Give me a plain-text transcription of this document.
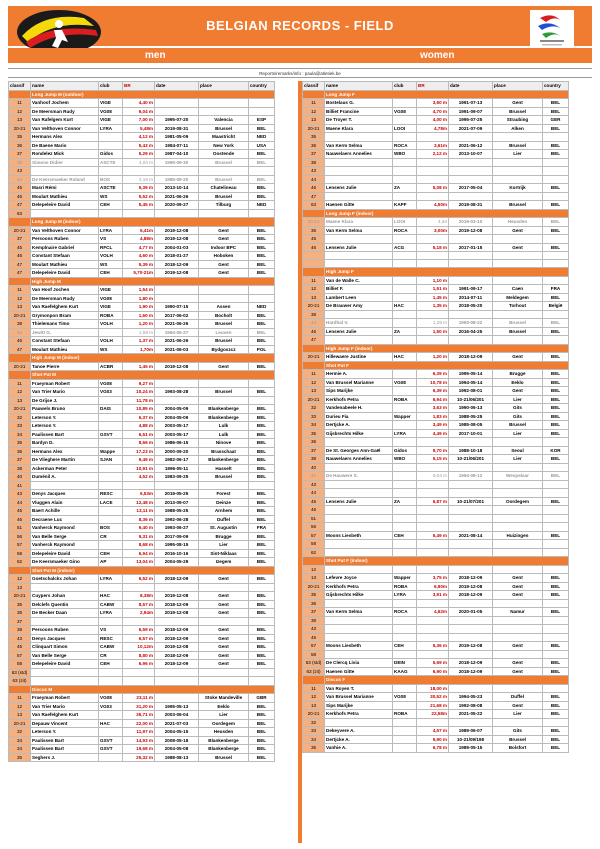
BELGIAN RECORDS - FIELD
men	women
Reports/remarks/info : paula@atletiek.be
classif	name	club	BR	date	place	country
	Long Jump M (outdoor)					
11	Vanhoof Jochem	VIGE	4,40 m			
12	De Meersman Rudy	VG08	6,04 m			
13	Van Rafelgem Kurt	VIGE	7,00 m	1995-07-20	Valencia	ESP
20-21	Van Velthoven Connor	LYRA	5,48m	2019-08-31	Brussel	BEL
35	Hermans Alex		4,12 m	1981-05-09	Maastricht	NED
36	De Baene Mario		5,43 m	1984-07-11	New York	USA
37	Rondelez Mick	Gidos	5,29 m	1987-04-10	Oostende	BEL
38	Simons Didier	ASCTE	4,04 m	1995-09-30	Brussel	BEL
43						
44	De Keersmaeker Roland	BOS	2,16 m	1985-09-20	Brussel	BEL
45	Masri Rémi	ASCTE	5,39 m	2013-10-14	Chatelineau	BEL
46	Moulart Mathieu	WS	5,52 m	2021-06-26	Brussel	BEL
47	Delepeleire David	CEH	5,45 m	2020-09-27	Tilburg	NED
63						
	Long Jump M (indoor)					
20-21	Van Velthoven Connor	LYRA	5,41m	2019-12-08	Gent	BEL
37	Persoons Ruben	VS	4,88m	2019-12-08	Gent	BEL
45	Kemplnaire Gabriel	RFCL	4,77 m	2004-01-03	Indoor BPC	BEL
46	Constant Stefaan	VOLH	4,60 m	2018-01-27	Hoboken	BEL
47	Moulart Mathieu	WS	5,39 m	2018-12-09	Gent	BEL
47	Delepeleire David	CEH	5,70-21m	2019-12-08	Gent	BEL
	High Jump M					
11	Van Hoof Jochen	VIGE	1,54 m			
12	De Meersman Rudy	VG08	1,80 m			
13	Van Raefelghem Kurt	VIGE	1,90 m	1990-07-15	Assen	NED
20-21	Grymonpon Bram	ROBA	1,60 m	2017-06-02	Bocholt	BEL
38	Thielemans Timo	VOLH	1,20 m	2021-06-26	Brussel	BEL
44	Jewitt G.		1,58 m	1984-06-27	Leuven	BEL
46	Constant Stefaan	VOLH	1,37 m	2021-06-26	Brussel	BEL
47	Moulart Mathieu	WS	1,70m	2021-06-03	Bydgoszcz	POL
	High Jump M (indoor)					
20-21	Tanoe Pierre	ACBR	1,45 m	2019-12-08	Gent	BEL
	Shot Put M					
11	Fraeyman Robert	VG08	9,27 m			
12	Van Trier Mario	VG03	10,24 m	1993-08-28	Brussel	BEL
13	De Grijse J.		11,78 m			
20-21	Pauwels Bruno	DAIS	10,89 m	2004-05-09	Blankenberge	BEL
32	Leterson Y.		6,37 m	2004-05-09	Blankenberge	BEL
33	Leterson Y.		4,88 m	2003-05-17	Lulk	BEL
34	Paulissen Bart	GSVT	6,51 m	2003-05-17	Lulk	BEL
35	Bardyn D.		8,66 m	1986-06-15	Ninove	BEL
36	Hermans Alex	Wappe	17,23 m	2000-09-20	Brasschaat	BEL
37	De Vlieghere Martin	SJAN	9,49 m	1982-06-17	Blankenberge	BEL
38	Ackerman Peter		10,91 m	1996-05-11	Hasselt	BEL
40	Duménil A.		4,52 m	1983-09-25	Brussel	BEL
41						
43	Denys Jacques	RESC	6,53m	2019-05-25	Forest	BEL
44	Vluggen Alain	LACE	12,48 m	2013-09-07	Deinze	BEL
45	Baert Achille		13,11 m	1988-05-25	Arnhem	BEL
46	Decraene Luc		8,36 m	1992-06-28	Duffel	BEL
51	Vanherck Raymond	BOS	9,40 m	1993-06-27	St. Augustin	FRA
56	Van Belle Serge	CR	9,31 m	2017-09-09	Brugge	BEL
57	Vanherck Raymond		8,68 m	1995-08-15	Lier	BEL
58	Delepeleire David	CEH	6,94 m	2016-10-16	Sint-Niklaas	BEL
62	De Keersmaeker Gino	AP	13,04 m	2004-05-29	Izegem	BEL
	Shot Put M (indoor)					
12	Goetschalckx Johan	LYRA	6,52 m	2018-12-09	Gent	BEL
13						
20-21	Cuypers Johan	HAC	8,38m	2019-12-08	Gent	BEL
35	Delclefs Quentin	CABW	8,57 m	2018-12-09	Gent	BEL
36	De Becker Daan	LYRA	2,94m	2019-12-08	Gent	BEL
37						
38	Persoons Ruben	VS	6,59 m	2018-12-09	Gent	BEL
43	Denys Jacques	RESC	6,57 m	2018-12-09	Gent	BEL
45	Clinquart Simon	CABW	10,12m	2019-12-08	Gent	BEL
57	Van Belle Serge	CR	8,80 m	2018-12-09	Gent	BEL
58	Delepeleire David	CEH	6,96 m	2018-12-09	Gent	BEL
63 (std)						
63 (zit)						
	Discus M					
11	Fraeyman Robert	VG08	23,11 m		Stoke Mandeville	GBR
12	Van Trier Mario	VG03	31,20 m	1995-05-13	Eeklo	BEL
13	Van Raefelghem Kurt		35,71 m	2003-06-04	Lier	BEL
20-21	Depauw Vincent	HAC	22,00 m	2021-07-03	Oordegem	BEL
32	Leterson Y.		11,97 m	2004-05-15	Heusden	BEL
34	Paulissen Bart	GSVT	14,93 m	2008-05-18	Blankenberge	BEL
34	Paulissen Bart	GSVT	19,68 m	2004-05-08	Blankenberge	BEL
35	Seghers J.		25,32 m	1988-08-13	Brussel	BEL
classif	name	club	BR	date	place	country
	Long Jump F					
11	Bostelaus G.		3,60 m	1991-07-13	Gent	BEL
12	Billiet Francine	VG08	4,70 m	1991-09-07	Brussel	BEL
13	De Troyer T.		4,00 m	1995-07-25	Straubing	GER
20-21	Maene Klara	LOOI	4,78m	2021-07-09	Alken	BEL
35						
36	Van Kerm Selma	ROCA	3,61m	2021-06-12	Brussel	BEL
37	Nauwelaers Annelies	WBO	2,12 m	2013-10-07	Lier	BEL
38						
43						
44						
46	Lensens Julie	ZA	5,08 m	2017-05-04	Kortrijk	BEL
47						
63	Haenen Gitte	KAPF	4,50m	2019-08-31	Brussel	BEL
	Long Jump F (indoor)					
20-21	Maene Klara	LOOI	4,34	2019-03-10	Heusden	BEL
36	Van Kerm Selma	ROCA	3,00m	2019-12-08	Gent	BEL
45						
46	Lensens Julie	ACG	5,18 m	2017-01-15	Gent	BEL

	High Jump F					
11	Van de Walle C.		1,10 m			
12	Billiet F.		1,51 m	1991-09-17	Caen	FRA
13	Lambert Leen		1,45 m	2014-07-11	Meldegem	BEL
20-21	De Brauwer Amy	HAC	1,35 m	2018-05-20	Torhout	België
38						
44	Hardhal V.		1,26 m	1993-08-22	Brussel	BEL
46	Lensens Julie	ZA	1,50 m	2016-04-25	Brussel	BEL
47						
	High Jump F (indoor)					
20-21	Hillewaere Justine	HAC	1,20 m	2018-12-09	Gent	BEL
	Shot Put F					
11	Hermie A.		6,39 m	1995-05-14	Brugge	BEL
12	Van Brussel Marianne	VG08	10,78 m	1994-05-14	Eeklo	BEL
13	Sips Marijke		6,39 m	1992-08-01	Gent	BEL
20-21	Kerkhofs Petra	ROBA	6,94 m	10-21/06/201	Lier	BEL
32	Vandenabeele H.		3,63 m	1990-06-13	Gits	BEL
33	Durieu Fia	Wapper	1,83 m	1988-05-25	Gits	BEL
34	Dertjcke A.		3,49 m	1985-08-05	Brussel	BEL
35	Gijsbrechts Hilke	LYRA	4,49 m	2017-10-01	Lier	BEL
36						
37	De St. Georges Ann-Gaël	Gidos	9,70 m	1988-10-18	Seoul	KOR
38	Nauwelaers Annelies	WBO	5,15 m	10-21/06/201	Lier	BEL
40						
41	De Hauwere S.		8,04 m	1994-08-12	Wespelaar	BEL
43						
44						
45	Lensens Julie	ZA	6,87 m	10-21/07/201	Oordegem	BEL
46						
51						
56						
57	Moons Liesbeth	CEH	5,49 m	2021-08-14	Huizingen	BEL
58						
62						
	Shot Put F (indoor)					
12						
13	Lefevre Joyce	Wapper	3,75 m	2018-12-09	Gent	BEL
20-21	Kerkhofs Petra	ROBA	6,90m	2019-12-08	Gent	BEL
35	Gijsbrechts Hilke	LYRA	3,91 m	2018-12-09	Gent	BEL
36						
37	Van Kerm Selma	ROCA	4,62m	2020-01-05	Namur	BEL
38						
43						
45						
57	Moons Liesbeth	CEH	5,36 m	2019-12-08	Gent	BEL
58						
63 (std)	De Clercq Livia	DEIN	5,69 m	2018-12-09	Gent	BEL
63 (zit)	Haenen Gitte	KAAG	6,90 m	2018-12-09	Gent	BEL
	Discus F					
11	Van Royen T.		18,00 m			
12	Van Brussel Marianne	VG08	30,52 m	1994-05-23	Duffel	BEL
13	Sips Marijke		21,68 m	1992-08-08	Gent	BEL
20-21	Kerkhofs Petra	ROBA	22,58m	2021-05-22	Lier	BEL
32						
33	Dekeyvere A.		4,57 m	1989-06-07	Gits	BEL
34	Dertjcke A.		9,90 m	10-21/09/198	Brussel	BEL
35	Vanhie A.		6,78 m	1989-05-15	Bolsfort	BEL
